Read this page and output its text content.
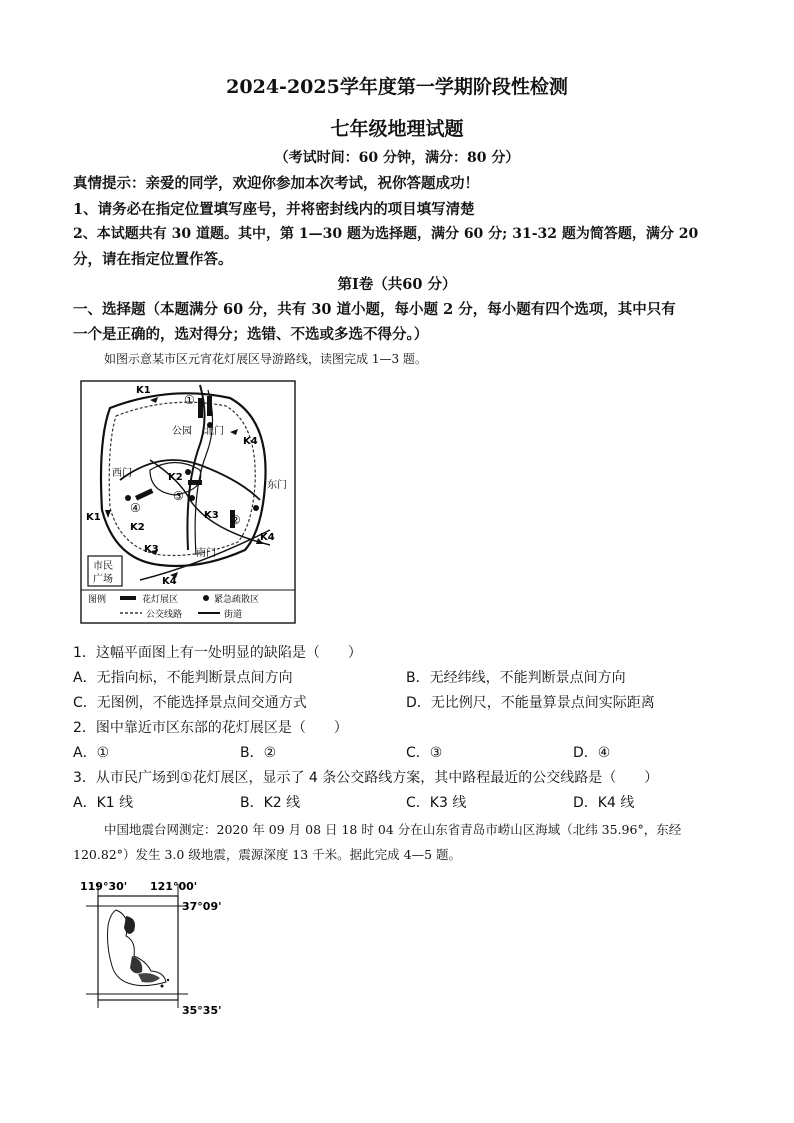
2024-2025学年度第一学期阶段性检测
七年级地理试题
（考试时间：60 分钟，满分：80 分）
真情提示：亲爱的同学，欢迎你参加本次考试，祝你答题成功！
1、请务必在指定位置填写座号，并将密封线内的项目填写清楚
2、本试题共有 30 道题。其中，第 1—30 题为选择题，满分 60 分; 31-32 题为简答题，满分 20
分，请在指定位置作答。
第Ⅰ卷（共60 分）
一、选择题（本题满分 60 分，共有 30 道小题，每小题 2 分，每小题有四个选项，其中只有
一个是正确的，选对得分；选错、不选或多选不得分。）
如图示意某市区元宵花灯展区导游路线，读图完成 1—3 题。
K1
①
公园 北门
K4
西门	K2
③
东门
K1
④
K2
K3 ②
K4
K3	南门
K4
市民
广场
图例	花灯展区	紧急疏散区
公交线路	街道
1．这幅平面图上有一处明显的缺陷是（　　）
A．无指向标，不能判断景点间方向	B．无经纬线，不能判断景点间方向
C．无图例，不能选择景点间交通方式	D．无比例尺，不能量算景点间实际距离
2．图中靠近市区东部的花灯展区是（　　）
A．①	B．②	C．③	D．④
3．从市民广场到①花灯展区，显示了 4 条公交路线方案，其中路程最近的公交线路是（　　）
A．K1 线	B．K2 线	C．K3 线	D．K4 线
中国地震台网测定：2020 年 09 月 08 日 18 时 04 分在山东省青岛市崂山区海域（北纬 35.96°，东经
120.82°）发生 3.0 级地震，震源深度 13 千米。据此完成 4—5 题。
119°30' 121°00'
37°09'
35°35'
